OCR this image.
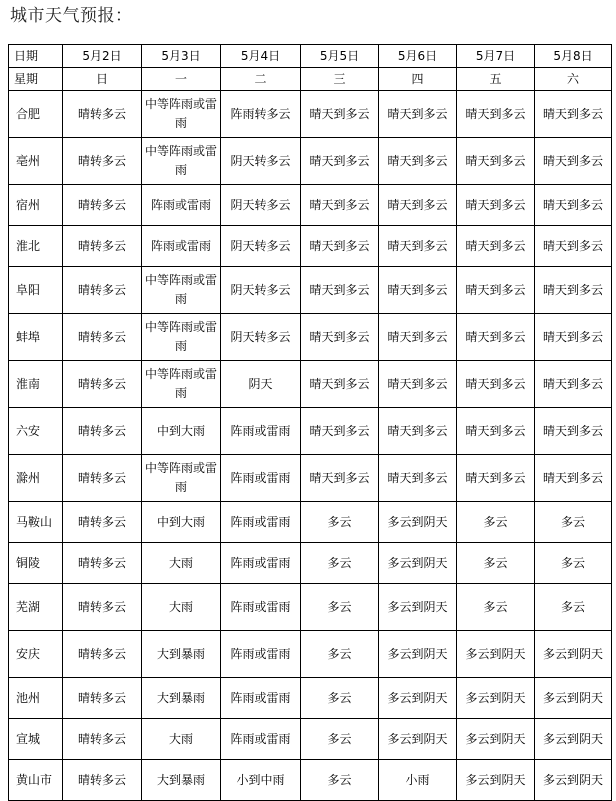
城市天气预报：
日期	5月2日	5月3日	5月4日	5月5日	5月6日	5月7日	5月8日
星期	日	一	二	三	四	五	六
合肥	晴转多云	中等阵雨或雷雨	阵雨转多云	晴天到多云	晴天到多云	晴天到多云	晴天到多云
亳州	晴转多云	中等阵雨或雷雨	阴天转多云	晴天到多云	晴天到多云	晴天到多云	晴天到多云
宿州	晴转多云	阵雨或雷雨	阴天转多云	晴天到多云	晴天到多云	晴天到多云	晴天到多云
淮北	晴转多云	阵雨或雷雨	阴天转多云	晴天到多云	晴天到多云	晴天到多云	晴天到多云
阜阳	晴转多云	中等阵雨或雷雨	阴天转多云	晴天到多云	晴天到多云	晴天到多云	晴天到多云
蚌埠	晴转多云	中等阵雨或雷雨	阴天转多云	晴天到多云	晴天到多云	晴天到多云	晴天到多云
淮南	晴转多云	中等阵雨或雷雨	阴天	晴天到多云	晴天到多云	晴天到多云	晴天到多云
六安	晴转多云	中到大雨	阵雨或雷雨	晴天到多云	晴天到多云	晴天到多云	晴天到多云
滁州	晴转多云	中等阵雨或雷雨	阵雨或雷雨	晴天到多云	晴天到多云	晴天到多云	晴天到多云
马鞍山	晴转多云	中到大雨	阵雨或雷雨	多云	多云到阴天	多云	多云
铜陵	晴转多云	大雨	阵雨或雷雨	多云	多云到阴天	多云	多云
芜湖	晴转多云	大雨	阵雨或雷雨	多云	多云到阴天	多云	多云
安庆	晴转多云	大到暴雨	阵雨或雷雨	多云	多云到阴天	多云到阴天	多云到阴天
池州	晴转多云	大到暴雨	阵雨或雷雨	多云	多云到阴天	多云到阴天	多云到阴天
宣城	晴转多云	大雨	阵雨或雷雨	多云	多云到阴天	多云到阴天	多云到阴天
黄山市	晴转多云	大到暴雨	小到中雨	多云	小雨	多云到阴天	多云到阴天
